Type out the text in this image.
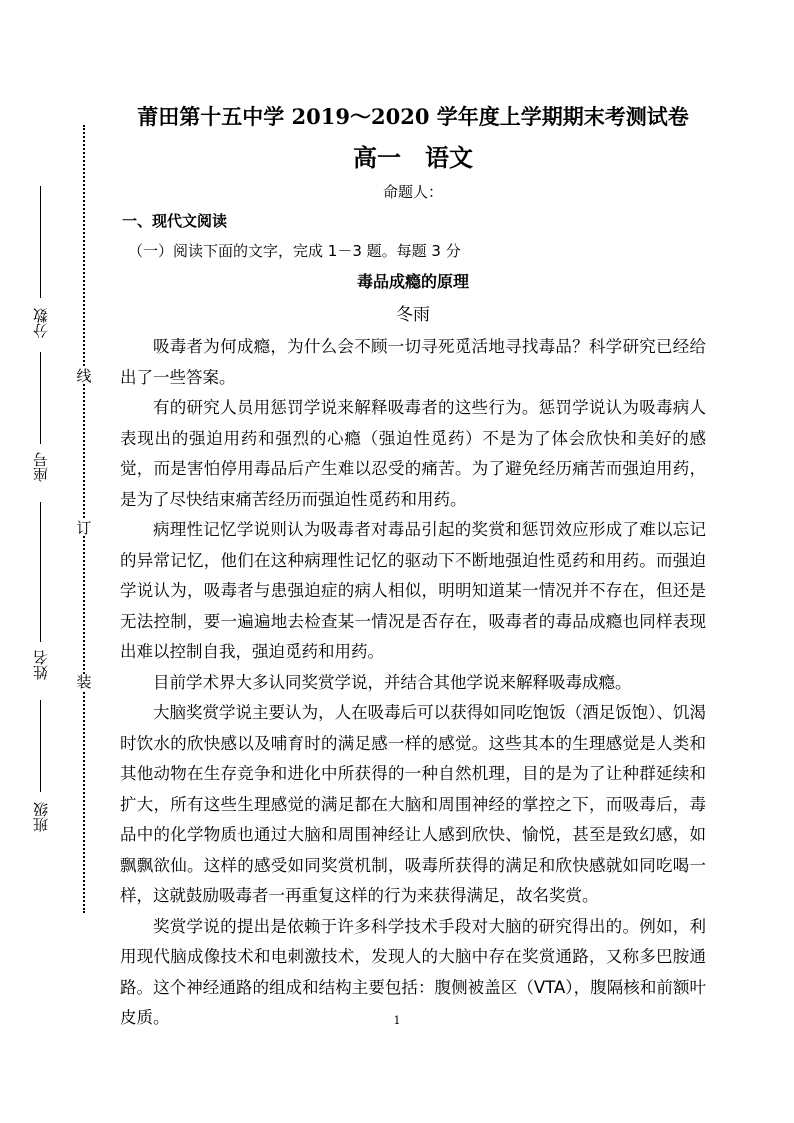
线
订
装
分数
座号
姓名
班级
莆田第十五中学 2019～2020 学年度上学期期末考测试卷
高一 语文
命题人：
一、现代文阅读
（一）阅读下面的文字，完成 1－3 题。每题 3 分
毒品成瘾的原理
冬雨

吸毒者为何成瘾，为什么会不顾一切寻死觅活地寻找毒品？科学研究已经给出了一些答案。

有的研究人员用惩罚学说来解释吸毒者的这些行为。惩罚学说认为吸毒病人表现出的强迫用药和强烈的心瘾（强迫性觅药）不是为了体会欣快和美好的感觉，而是害怕停用毒品后产生难以忍受的痛苦。为了避免经历痛苦而强迫用药，是为了尽快结束痛苦经历而强迫性觅药和用药。

病理性记忆学说则认为吸毒者对毒品引起的奖赏和惩罚效应形成了难以忘记的异常记忆，他们在这种病理性记忆的驱动下不断地强迫性觅药和用药。而强迫学说认为，吸毒者与患强迫症的病人相似，明明知道某一情况并不存在，但还是无法控制，要一遍遍地去检查某一情况是否存在，吸毒者的毒品成瘾也同样表现出难以控制自我，强迫觅药和用药。

目前学术界大多认同奖赏学说，并结合其他学说来解释吸毒成瘾。

大脑奖赏学说主要认为，人在吸毒后可以获得如同吃饱饭（酒足饭饱）、饥渴时饮水的欣快感以及哺育时的满足感一样的感觉。这些其本的生理感觉是人类和其他动物在生存竞争和进化中所获得的一种自然机理，目的是为了让种群延续和扩大，所有这些生理感觉的满足都在大脑和周围神经的掌控之下，而吸毒后，毒品中的化学物质也通过大脑和周围神经让人感到欣快、愉悦，甚至是致幻感，如飘飘欲仙。这样的感受如同奖赏机制，吸毒所获得的满足和欣快感就如同吃喝一样，这就鼓励吸毒者一再重复这样的行为来获得满足，故名奖赏。

奖赏学说的提出是依赖于许多科学技术手段对大脑的研究得出的。例如，利用现代脑成像技术和电刺激技术，发现人的大脑中存在奖赏通路，又称多巴胺通路。这个神经通路的组成和结构主要包括：腹侧被盖区（VTA），腹隔核和前额叶皮质。	1
